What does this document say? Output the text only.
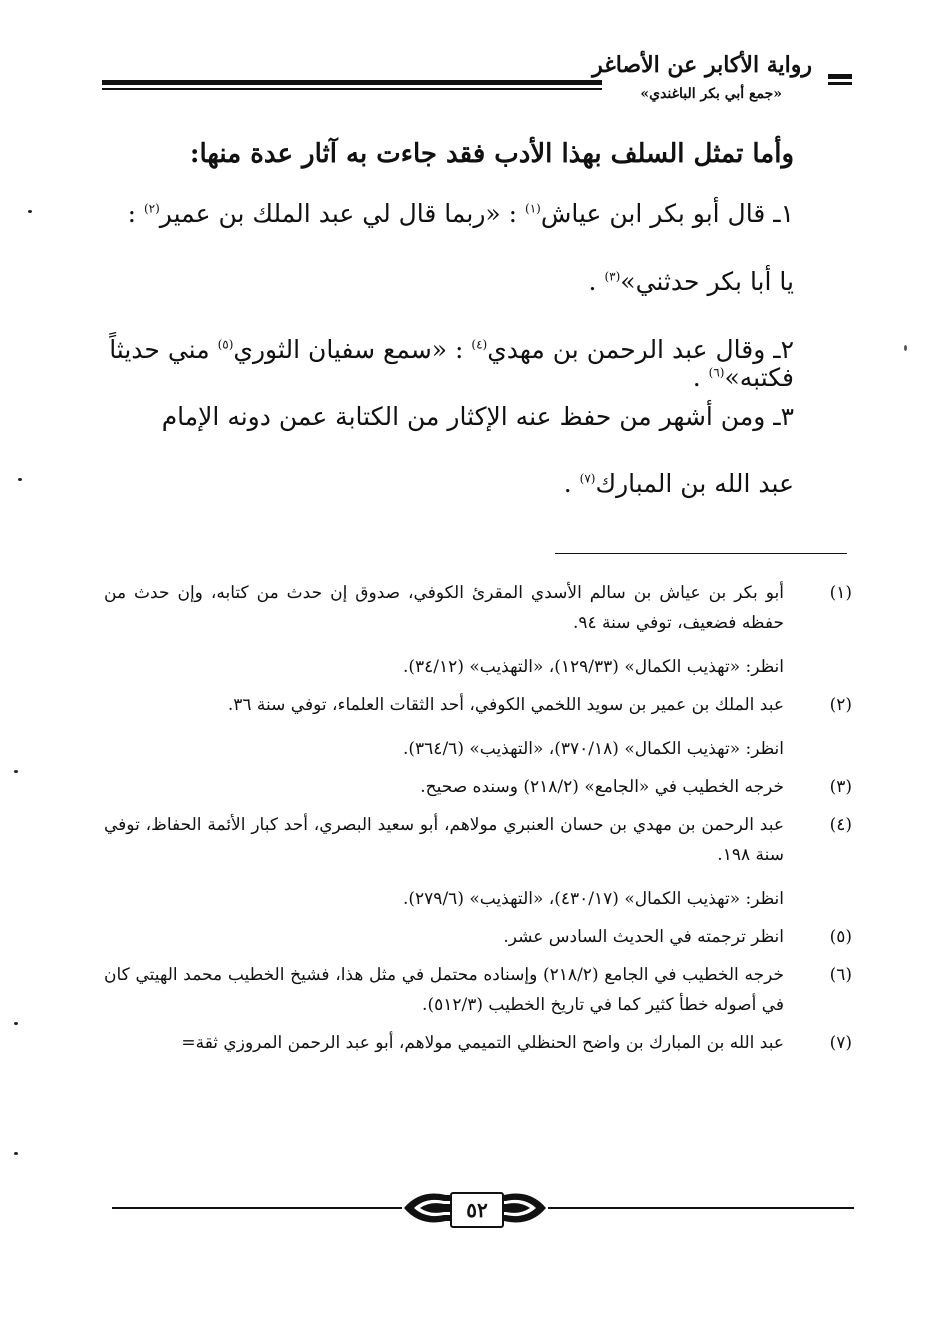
رواية الأكابر عن الأصاغر
«جمع أبي بكر الباغندي»
وأما تمثل السلف بهذا الأدب فقد جاءت به آثار عدة منها:
١ـ قال أبو بكر ابن عياش$^{(١)}$ : «ربما قال لي عبد الملك بن عمير$^{(٢)}$ :
يا أبا بكر حدثني»$^{(٣)}$ .
٢ـ وقال عبد الرحمن بن مهدي$^{(٤)}$ : «سمع سفيان الثوري$^{(٥)}$ مني حديثاً فكتبه»$^{(٦)}$ .
٣ـ ومن أشهر من حفظ عنه الإكثار من الكتابة عمن دونه الإمام
عبد الله بن المبارك$^{(٧)}$ .
(١)
أبو بكر بن عياش بن سالم الأسدي المقرئ الكوفي، صدوق إن حدث من كتابه، وإن حدث من حفظه فضعيف، توفي سنة ٩٤.
انظر: «تهذيب الكمال» (١٢٩/٣٣)، «التهذيب» (٣٤/١٢).
(٢)
عبد الملك بن عمير بن سويد اللخمي الكوفي، أحد الثقات العلماء، توفي سنة ٣٦.
انظر: «تهذيب الكمال» (٣٧٠/١٨)، «التهذيب» (٣٦٤/٦).
(٣)
خرجه الخطيب في «الجامع» (٢١٨/٢) وسنده صحيح.
(٤)
عبد الرحمن بن مهدي بن حسان العنبري مولاهم، أبو سعيد البصري، أحد كبار الأئمة الحفاظ، توفي سنة ١٩٨.
انظر: «تهذيب الكمال» (٤٣٠/١٧)، «التهذيب» (٢٧٩/٦).
(٥)
انظر ترجمته في الحديث السادس عشر.
(٦)
خرجه الخطيب في الجامع (٢١٨/٢) وإسناده محتمل في مثل هذا، فشيخ الخطيب محمد الهيتي كان في أصوله خطأ كثير كما في تاريخ الخطيب (٥١٢/٣).
(٧)
عبد الله بن المبارك بن واضح الحنظلي التميمي مولاهم، أبو عبد الرحمن المروزي ثقة=
٥٢
